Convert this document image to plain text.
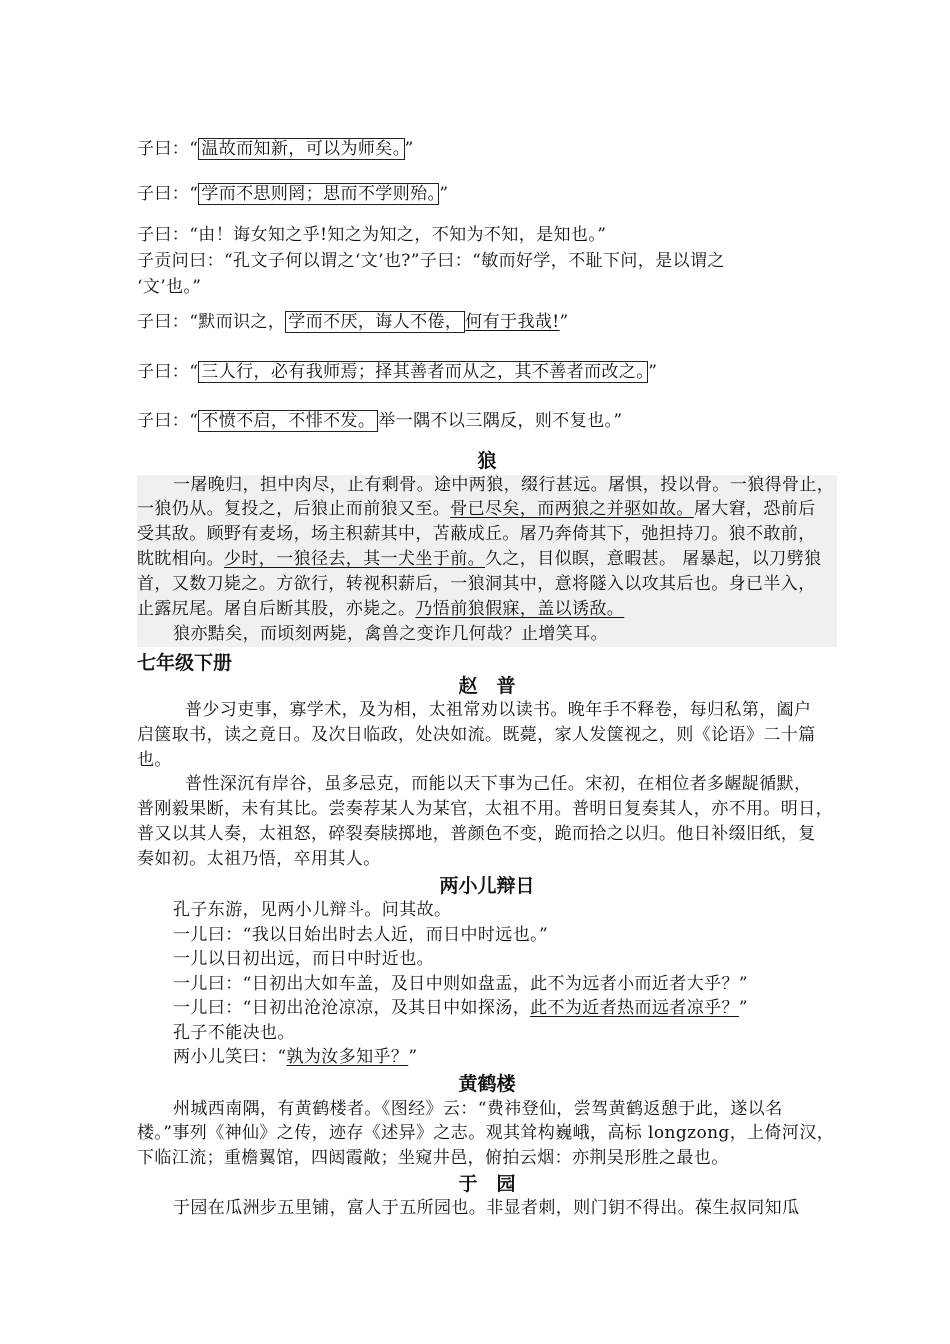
子曰：“ 温故而知新，可以为师矣。 ”
子曰：“ 学而不思则罔；思而不学则殆。 ”
子曰：“由！诲女知之乎!知之为知之，不知为不知，是知也。”
子贡问曰：“孔文子何以谓之‘文’也?”子曰：“敏而好学，不耻下问，是以谓之
‘文’也。”
子曰：“默而识之， 学而不厌，诲人不倦， 何有于我哉!”
子曰：“ 三人行，必有我师焉；择其善者而从之，其不善者而改之。 ”
子曰：“ 不愤不启，不悱不发。 举一隅不以三隅反，则不复也。”
狼
一屠晚归，担中肉尽，止有剩骨。途中两狼，缀行甚远。屠惧，投以骨。一狼得骨止，
一狼仍从。复投之，后狼止而前狼又至。骨已尽矣，而两狼之并驱如故。屠大窘，恐前后
受其敌。顾野有麦场，场主积薪其中，苫蔽成丘。屠乃奔倚其下，弛担持刀。狼不敢前，
眈眈相向。少时，一狼径去，其一犬坐于前。久之，目似瞑，意暇甚。 屠暴起，以刀劈狼
首，又数刀毙之。方欲行，转视积薪后，一狼洞其中，意将隧入以攻其后也。身已半入，
止露尻尾。屠自后断其股，亦毙之。乃悟前狼假寐，盖以诱敌。
狼亦黠矣，而顷刻两毙，禽兽之变诈几何哉？止增笑耳。
七年级下册
赵　普
普少习吏事，寡学术，及为相，太祖常劝以读书。晚年手不释卷，每归私第，阖户
启箧取书，读之竟日。及次日临政，处决如流。既薨，家人发箧视之，则《论语》二十篇
也。
普性深沉有岸谷，虽多忌克，而能以天下事为己任。宋初，在相位者多龌龊循默，
普刚毅果断，未有其比。尝奏荐某人为某官，太祖不用。普明日复奏其人，亦不用。明日，
普又以其人奏，太祖怒，碎裂奏牍掷地，普颜色不变，跪而拾之以归。他日补缀旧纸，复
奏如初。太祖乃悟，卒用其人。
两小儿辩日
孔子东游，见两小儿辩斗。问其故。
一儿曰：“我以日始出时去人近，而日中时远也。”
一儿以日初出远，而日中时近也。
一儿曰：“日初出大如车盖，及日中则如盘盂，此不为远者小而近者大乎？”
一儿曰：“日初出沧沧凉凉，及其日中如探汤，此不为近者热而远者凉乎？”
孔子不能决也。
两小儿笑曰：“孰为汝多知乎？”
黄鹤楼
州城西南隅，有黄鹤楼者。《图经》云：“费祎登仙，尝驾黄鹤返憩于此，遂以名
楼。”事列《神仙》之传，迹存《述异》之志。观其耸构巍峨，高标 longzong，上倚河汉，
下临江流；重檐翼馆，四闼霞敞；坐窥井邑，俯拍云烟：亦荆吴形胜之最也。
于　园
于园在瓜洲步五里铺，富人于五所园也。非显者刺，则门钥不得出。葆生叔同知瓜
